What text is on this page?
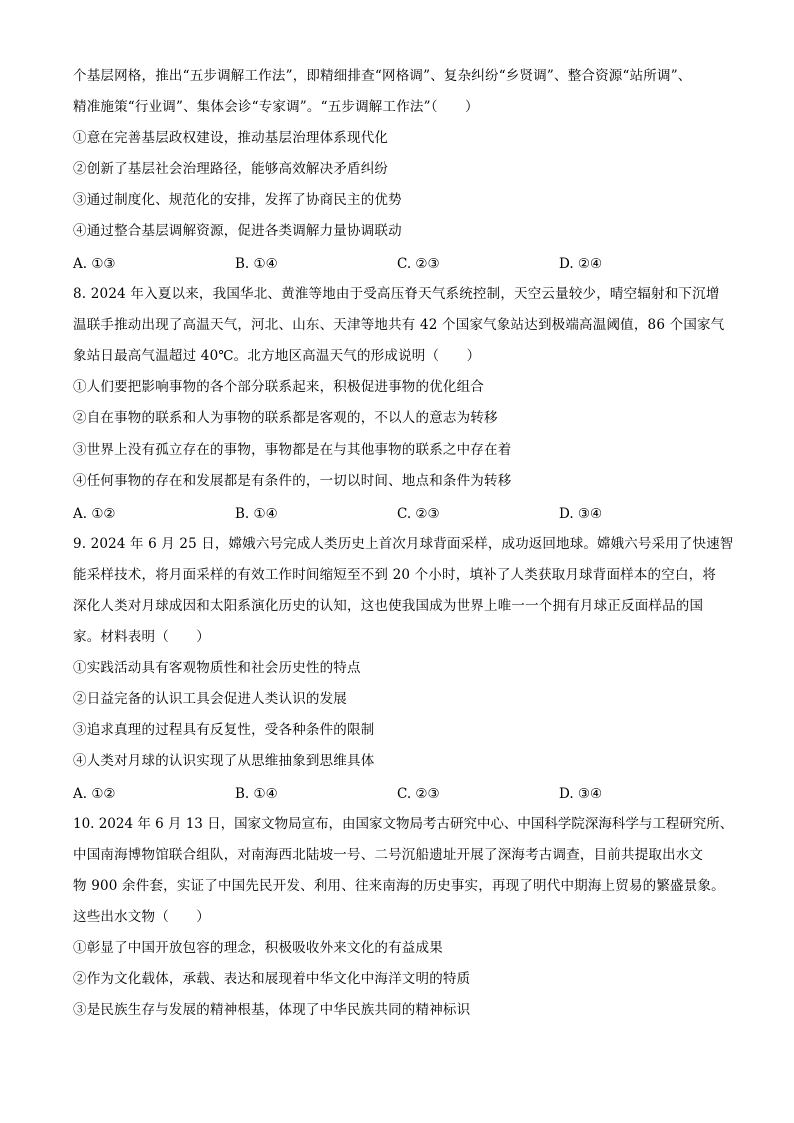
个基层网格，推出“五步调解工作法”，即精细排查“网格调”、复杂纠纷“乡贤调”、整合资源“站所调”、
精准施策“行业调”、集体会诊“专家调”。“五步调解工作法”（　　）
①意在完善基层政权建设，推动基层治理体系现代化
②创新了基层社会治理路径，能够高效解决矛盾纠纷
③通过制度化、规范化的安排，发挥了协商民主的优势
④通过整合基层调解资源，促进各类调解力量协调联动
A. ①③	B. ①④	C. ②③	D. ②④
8. 2024 年入夏以来，我国华北、黄淮等地由于受高压脊天气系统控制，天空云量较少，晴空辐射和下沉增
温联手推动出现了高温天气，河北、山东、天津等地共有 42 个国家气象站达到极端高温阈值，86 个国家气
象站日最高气温超过 40℃。北方地区高温天气的形成说明（　　）
①人们要把影响事物的各个部分联系起来，积极促进事物的优化组合
②自在事物的联系和人为事物的联系都是客观的，不以人的意志为转移
③世界上没有孤立存在的事物，事物都是在与其他事物的联系之中存在着
④任何事物的存在和发展都是有条件的，一切以时间、地点和条件为转移
A. ①②	B. ①④	C. ②③	D. ③④
9. 2024 年 6 月 25 日，嫦娥六号完成人类历史上首次月球背面采样，成功返回地球。嫦娥六号采用了快速智
能采样技术，将月面采样的有效工作时间缩短至不到 20 个小时，填补了人类获取月球背面样本的空白，将
深化人类对月球成因和太阳系演化历史的认知，这也使我国成为世界上唯一一个拥有月球正反面样品的国
家。材料表明（　　）
①实践活动具有客观物质性和社会历史性的特点
②日益完备的认识工具会促进人类认识的发展
③追求真理的过程具有反复性，受各种条件的限制
④人类对月球的认识实现了从思维抽象到思维具体
A. ①②	B. ①④	C. ②③	D. ③④
10. 2024 年 6 月 13 日，国家文物局宣布，由国家文物局考古研究中心、中国科学院深海科学与工程研究所、
中国南海博物馆联合组队，对南海西北陆坡一号、二号沉船遗址开展了深海考古调查，目前共提取出水文
物 900 余件套，实证了中国先民开发、利用、往来南海的历史事实，再现了明代中期海上贸易的繁盛景象。
这些出水文物（　　）
①彰显了中国开放包容的理念，积极吸收外来文化的有益成果
②作为文化载体，承载、表达和展现着中华文化中海洋文明的特质
③是民族生存与发展的精神根基，体现了中华民族共同的精神标识
